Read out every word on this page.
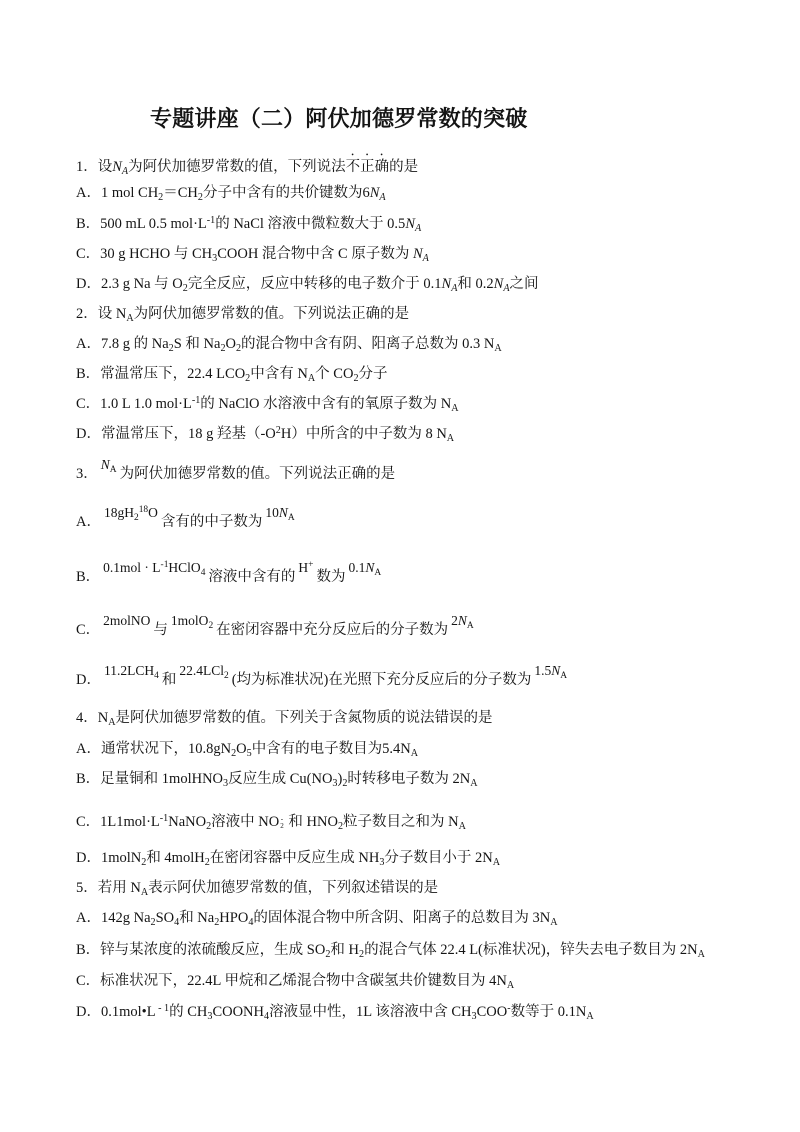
专题讲座（二）阿伏加德罗常数的突破
1．设$N_A$为阿伏加德罗常数的值，下列说法不正确的是
A．1 mol $CH_2=CH_2$分子中含有的共价键数为$6N_A$
B．500 mL 0.5 $mol\cdot L^{-1}$的 NaCl 溶液中微粒数大于 $0.5N_A$
C．30 g HCHO 与 $CH_3COOH$ 混合物中含 C 原子数为 $N_A$
D．2.3 g Na 与 $O_2$完全反应，反应中转移的电子数介于 $0.1N_A$和 $0.2N_A$之间
2．设 $N_A$为阿伏加德罗常数的值。下列说法正确的是
A．7.8 g 的 $Na_2S$ 和 $Na_2O_2$的混合物中含有阴、阳离子总数为 0.3 $N_A$
B．常温常压下，22.4 $LCO_2$中含有 $N_A$个 $CO_2$分子
C．1.0 L 1.0 $mol\cdot L^{-1}$的 NaClO 水溶液中含有的氧原子数为 $N_A$
D．常温常压下，18 g 羟基$(-O^2H)$中所含的中子数为 8 $N_A$
3．$N_A$ 为阿伏加德罗常数的值。下列说法正确的是
A．$18gH_2^{18}O$含有的中子数为$10N_A$
B．$0.1mol \cdot L^{-1}HClO_4$ 溶液中含有的H+数为$0.1N_A$
C．2molNO与1molO$_2$ 在密闭容器中充分反应后的分子数为$2N_A$
D．$11.2LCH_4$ 和22.4LCl$_2$ (均为标准状况)在光照下充分反应后的分子数为$1.5N_A$
4．$N_A$是阿伏加德罗常数的值。下列关于含氮物质的说法错误的是
A．通常状况下，$10.8gN_2O_5$中含有的电子数目为$5.4N_A$
B．足量铜和 1molHNO$_3$反应生成 $Cu(NO_3)_2$时转移电子数为 $2N_A$
C．$1L1mol\cdot L^{-1}NaNO_2$溶液中 NO -
2 和 $HNO_2$粒子数目之和为 $N_A$
D．1molN$_2$和 4molH$_2$在密闭容器中反应生成 $NH_3$分子数目小于 $2N_A$
5．若用 $N_A$表示阿伏加德罗常数的值，下列叙述错误的是
A．142g $Na_2SO_4$和 $Na_2HPO_4$的固体混合物中所含阴、阳离子的总数目为 $3N_A$
B．锌与某浓度的浓硫酸反应，生成 $SO_2$和 $H_2$的混合气体 22.4 L(标准状况)，锌失去电子数目为 $2N_A$
C．标准状况下，22.4L 甲烷和乙烯混合物中含碳氢共价键数目为 $4N_A$
D．0.1mol•L $^{- 1}$的 $CH_3COONH_4$溶液显中性，1L 该溶液中含 $CH_3COO^-$数等于 $0.1N_A$
